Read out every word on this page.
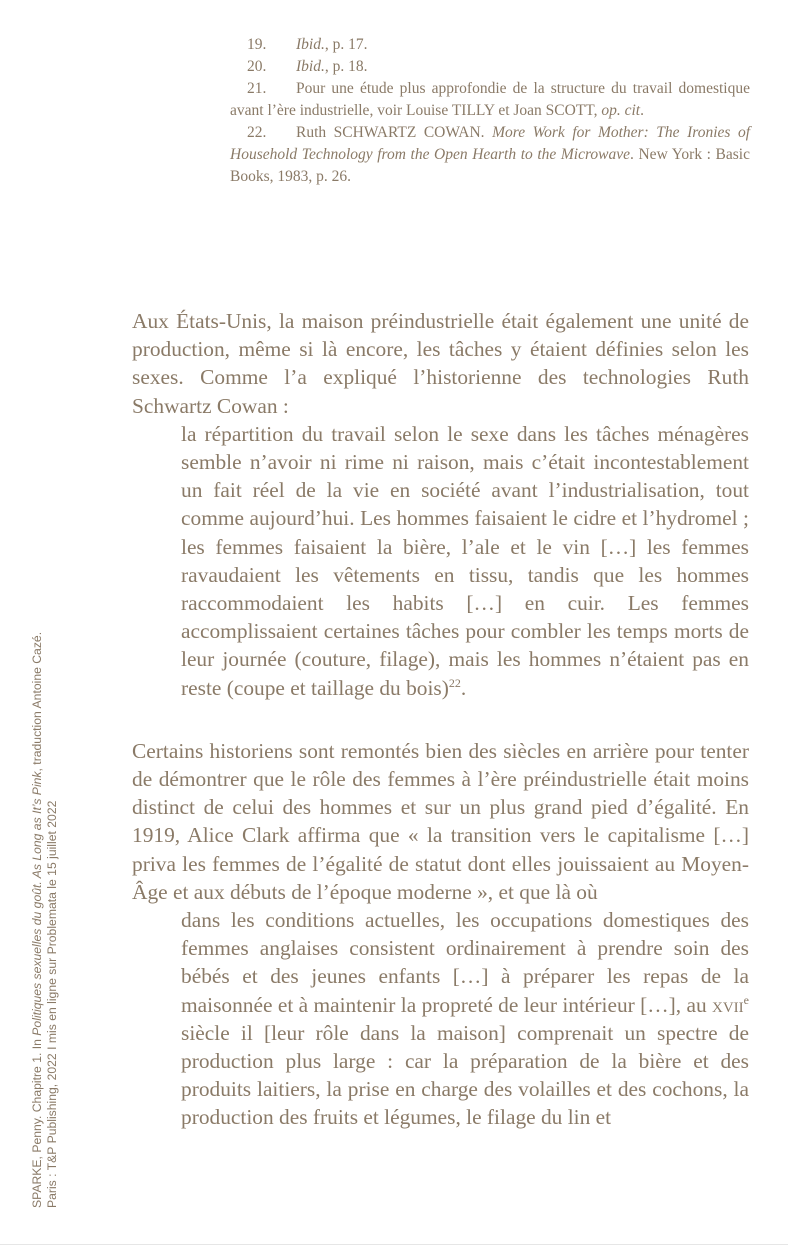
19. Ibid., p. 17.

20. Ibid., p. 18.

21. Pour une étude plus approfondie de la structure du travail domestique avant l’ère industrielle, voir Louise TILLY et Joan SCOTT, op. cit.

22. Ruth SCHWARTZ COWAN. More Work for Mother: The Ironies of Household Technology from the Open Hearth to the Microwave. New York : Basic Books, 1983, p. 26.

Aux États-Unis, la maison préindustrielle était également une unité de production, même si là encore, les tâches y étaient définies selon les sexes. Comme l’a expliqué l’historienne des technologies Ruth Schwartz Cowan :

la répartition du travail selon le sexe dans les tâches ménagères semble n’avoir ni rime ni raison, mais c’était incontestablement un fait réel de la vie en société avant l’industrialisation, tout comme aujourd’hui. Les hommes faisaient le cidre et l’hydromel ; les femmes faisaient la bière, l’ale et le vin […] les femmes ravaudaient les vêtements en tissu, tandis que les hommes raccommodaient les habits […] en cuir. Les femmes accomplissaient certaines tâches pour combler les temps morts de leur journée (couture, filage), mais les hommes n’étaient pas en reste (coupe et taillage du bois)$^{22}$.

Certains historiens sont remontés bien des siècles en arrière pour tenter de démontrer que le rôle des femmes à l’ère préindustrielle était moins distinct de celui des hommes et sur un plus grand pied d’égalité. En 1919, Alice Clark affirma que « la transition vers le capitalisme […] priva les femmes de l’égalité de statut dont elles jouissaient au Moyen-Âge et aux débuts de l’époque moderne », et que là où

dans les conditions actuelles, les occupations domestiques des femmes anglaises consistent ordinairement à prendre soin des bébés et des jeunes enfants […] à préparer les repas de la maisonnée et à maintenir la propreté de leur intérieur […], au xvii$^e$ siècle il [leur rôle dans la maison] comprenait un spectre de production plus large : car la préparation de la bière et des produits laitiers, la prise en charge des volailles et des cochons, la production des fruits et légumes, le filage du lin et

SPARKE, Penny. Chapitre 1. In Politiques sexuelles du goût. As Long as It’s Pink, traduction Antoine Cazé.
Paris : T&P Publishing, 2022 I mis en ligne sur Problemata le 15 juillet 2022
